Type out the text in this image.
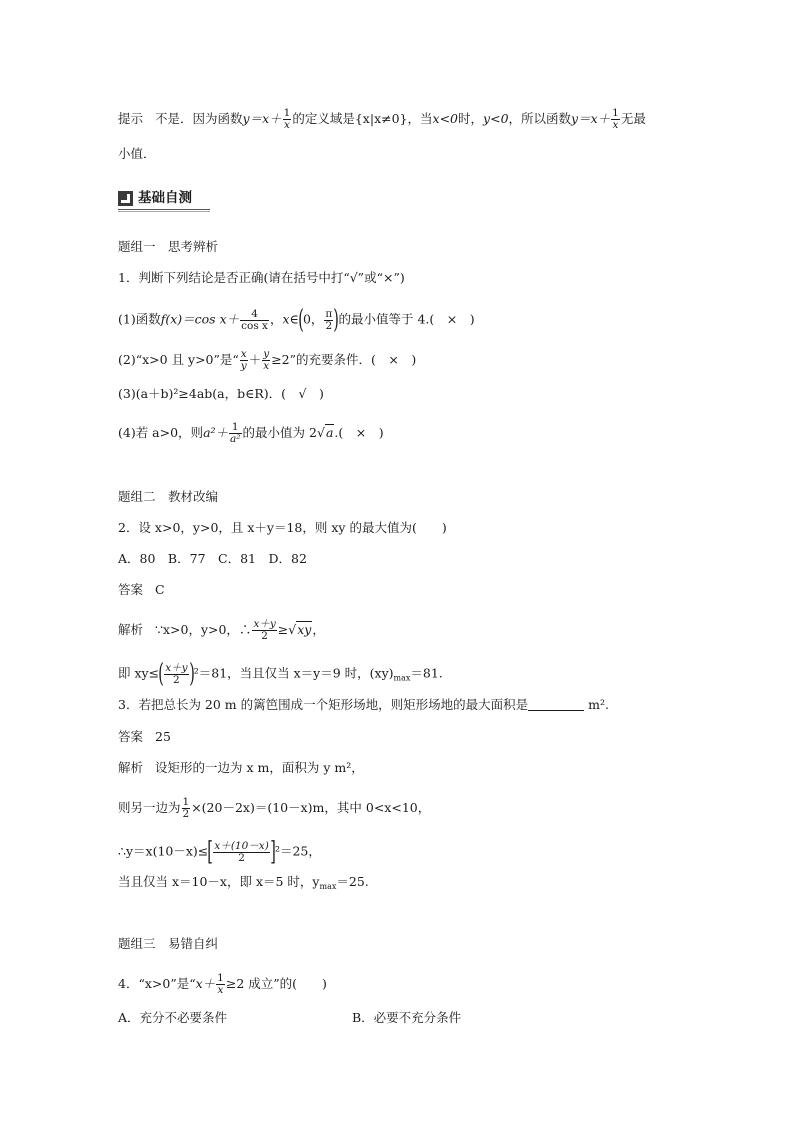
提示 不是．因为函数$y=x+ \frac{1}{x}$ 的定义域是{x|x≠0}，当x<0时，y<0，所以函数$y=x+ \frac{1}{x}$ 无最
小值．
基础自测
题组一　思考辨析
1．判断下列结论是否正确(请在括号中打“√”或“×”)
(1)函数f(x)＝cos $x+ \frac{4}{\text{cos x}}$ ，x∈(0， $\frac{\pi}{2}$ )的最小值等于 4.(　×　)
(2)“x>0 且 y>0”是“ $\frac{x}{y} + \frac{y}{x} \ge 2$”的充要条件．(　×　)
(3)(a＋b)²≥4ab(a，b∈R)．(　√　)
(4)若 a>0，则$a^2+ \frac{1}{\text{a²}}$ 的最小值为 2√a.(　×　)
题组二　教材改编
2．设 x>0，y>0，且 x＋y＝18，则 xy 的最大值为(　　)
A．80　B．77　C．81　D．82
答案 C
解析 ∵x>0，y>0，∴ $\frac{x+y}{2} \ge√xy$，
即 $xy\le( \frac{x+y}{2} )^2=81$，当且仅当 x＝y＝9 时，$(xy)_{max}=81$.
3．若把总长为 20 m 的篱笆围成一个矩形场地，则矩形场地的最大面积是	m².
答案 25
解析 设矩形的一边为 x m，面积为 y m²，
则另一边为 $\frac{1}{2} \times(20-2x)=(10-x)m$，其中 0<x<10，
∴y＝x(10－x)≤[ $\frac{x+(10-x)}{2} ]^2=25$，
当且仅当 x＝10－x，即 x＝5 时，$y_{max}=25$.
题组三　易错自纠
4．“x>0”是“$x+ \frac{1}{x} \ge 2$ 成立”的(　　)
A．充分不必要条件	B．必要不充分条件
